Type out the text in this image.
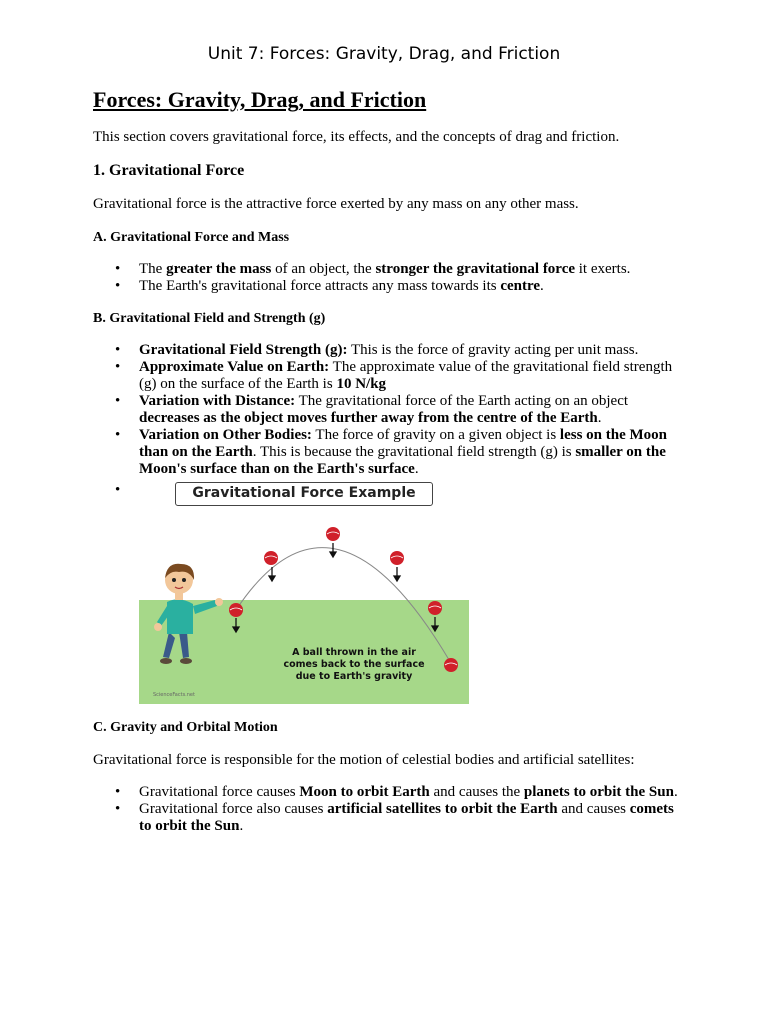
Unit 7: Forces: Gravity, Drag, and Friction
Forces: Gravity, Drag, and Friction

This section covers gravitational force, its effects, and the concepts of drag and friction.

1. Gravitational Force

Gravitational force is the attractive force exerted by any mass on any other mass.

A. Gravitational Force and Mass
• The greater the mass of an object, the stronger the gravitational force it exerts.
• The Earth's gravitational force attracts any mass towards its centre.
B. Gravitational Field and Strength (g)
• Gravitational Field Strength (g): This is the force of gravity acting per unit mass.
• Approximate Value on Earth: The approximate value of the gravitational field strength (g) on the surface of the Earth is 10 N/kg
• Variation with Distance: The gravitational force of the Earth acting on an object decreases as the object moves further away from the centre of the Earth.
• Variation on Other Bodies: The force of gravity on a given object is less on the Moon than on the Earth. This is because the gravitational field strength (g) is smaller on the Moon's surface than on the Earth's surface.
• Gravitational Force Example
A ball thrown in the air
comes back to the surface
due to Earth's gravity
ScienceFacts.net
C. Gravity and Orbital Motion

Gravitational force is responsible for the motion of celestial bodies and artificial satellites:

• Gravitational force causes Moon to orbit Earth and causes the planets to orbit the Sun.
• Gravitational force also causes artificial satellites to orbit the Earth and causes comets to orbit the Sun.
